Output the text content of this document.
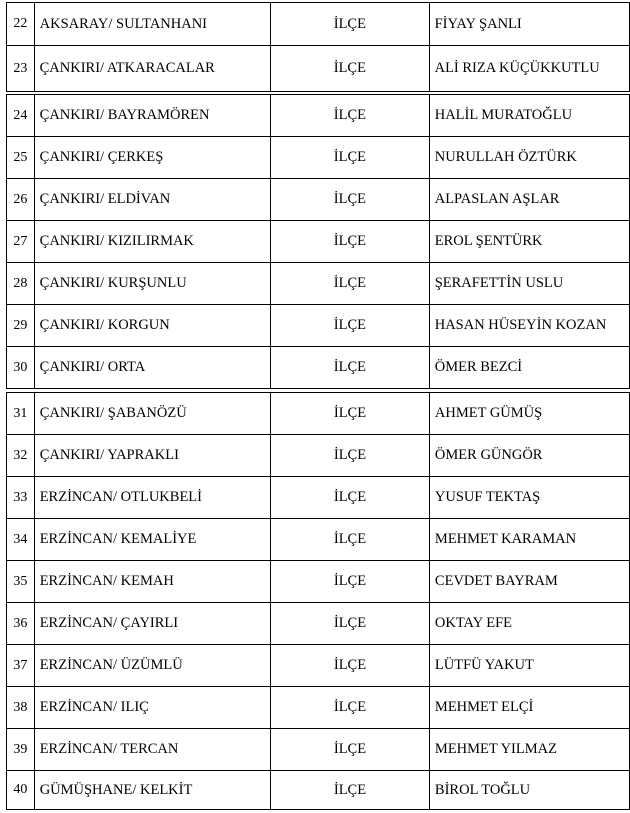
22	AKSARAY/ SULTANHANI	İLÇE	FİYAY ŞANLI
23	ÇANKIRI/ ATKARACALAR	İLÇE	ALİ RIZA KÜÇÜKKUTLU
24	ÇANKIRI/ BAYRAMÖREN	İLÇE	HALİL MURATOĞLU
25	ÇANKIRI/ ÇERKEŞ	İLÇE	NURULLAH ÖZTÜRK
26	ÇANKIRI/ ELDİVAN	İLÇE	ALPASLAN AŞLAR
27	ÇANKIRI/ KIZILIRMAK	İLÇE	EROL ŞENTÜRK
28	ÇANKIRI/ KURŞUNLU	İLÇE	ŞERAFETTİN USLU
29	ÇANKIRI/ KORGUN	İLÇE	HASAN HÜSEYİN KOZAN
30	ÇANKIRI/ ORTA	İLÇE	ÖMER BEZCİ
31	ÇANKIRI/ ŞABANÖZÜ	İLÇE	AHMET GÜMÜŞ
32	ÇANKIRI/ YAPRAKLI	İLÇE	ÖMER GÜNGÖR
33	ERZİNCAN/ OTLUKBELİ	İLÇE	YUSUF TEKTAŞ
34	ERZİNCAN/ KEMALİYE	İLÇE	MEHMET KARAMAN
35	ERZİNCAN/ KEMAH	İLÇE	CEVDET BAYRAM
36	ERZİNCAN/ ÇAYIRLI	İLÇE	OKTAY EFE
37	ERZİNCAN/ ÜZÜMLÜ	İLÇE	LÜTFÜ YAKUT
38	ERZİNCAN/ ILIÇ	İLÇE	MEHMET ELÇİ
39	ERZİNCAN/ TERCAN	İLÇE	MEHMET YILMAZ
40	GÜMÜŞHANE/ KELKİT	İLÇE	BİROL TOĞLU
